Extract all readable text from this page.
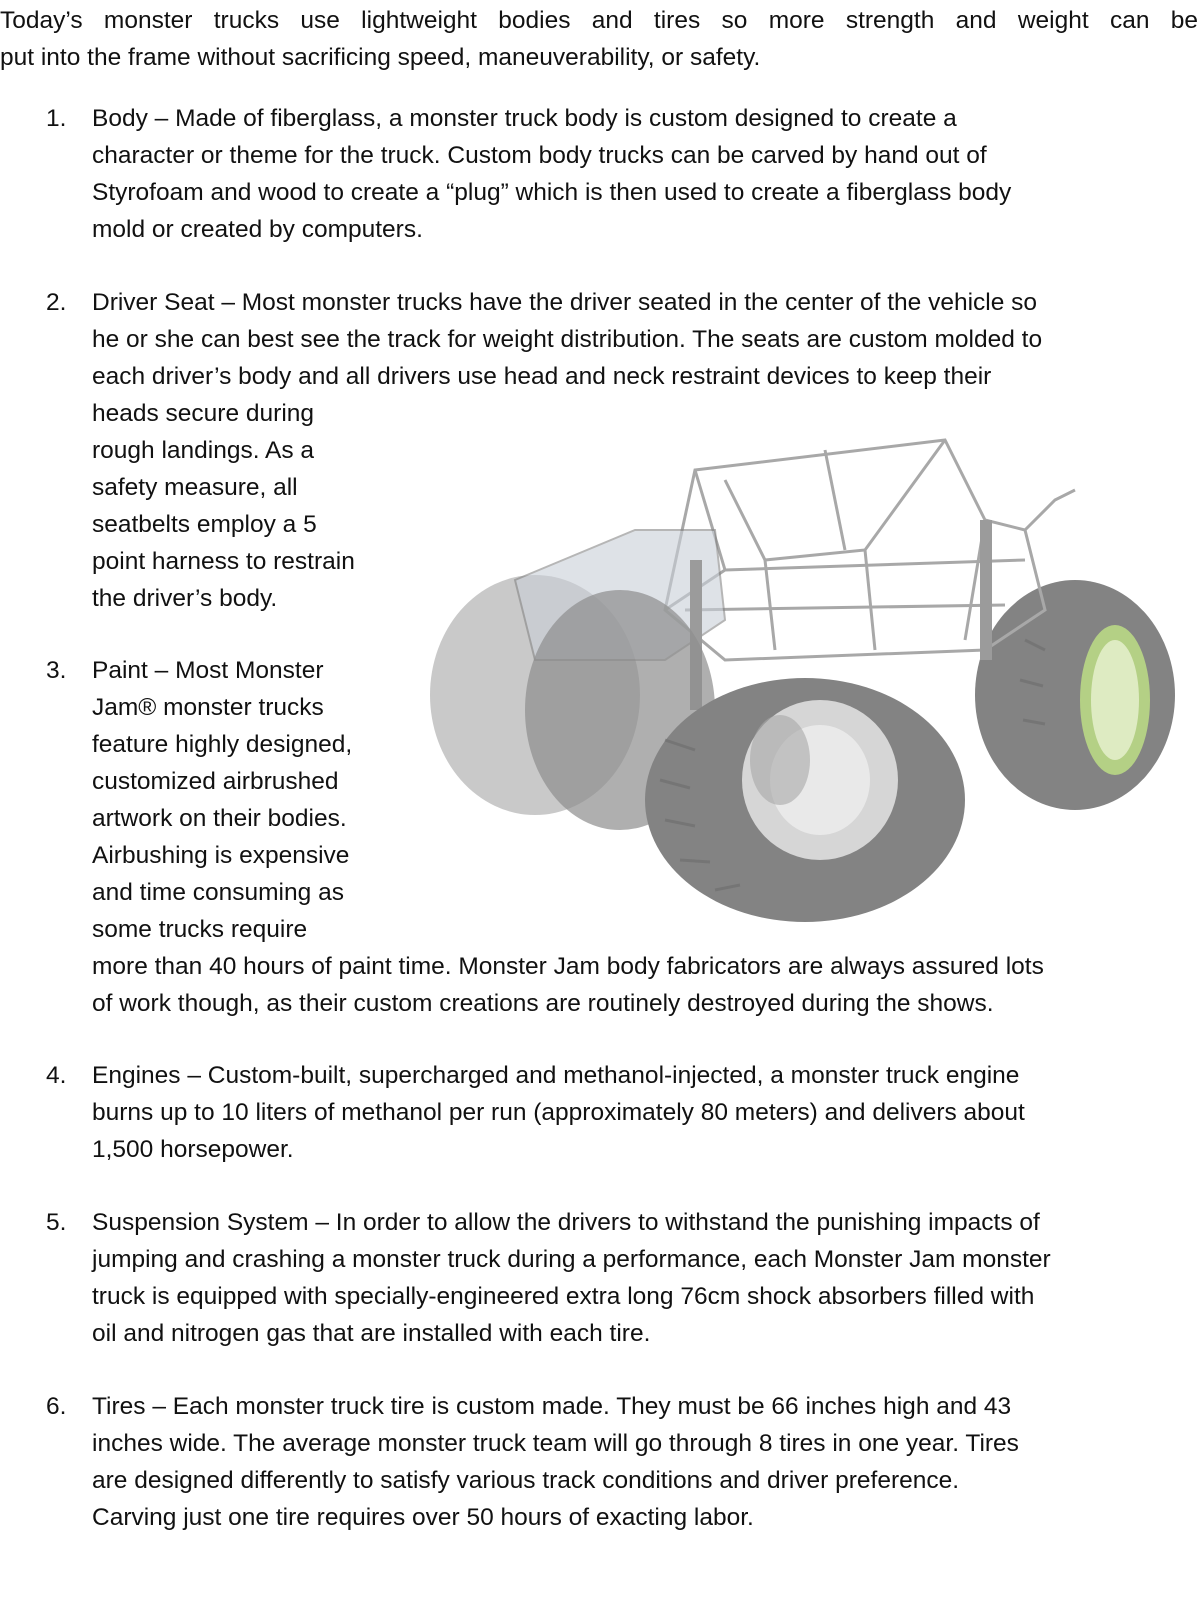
Today’s monster trucks use lightweight bodies and tires so more strength and weight can be
put into the frame without sacrificing speed, maneuverability, or safety.
1. Body – Made of fiberglass, a monster truck body is custom designed to create a
character or theme for the truck. Custom body trucks can be carved by hand out of
Styrofoam and wood to create a “plug” which is then used to create a fiberglass body
mold or created by computers.
2. Driver Seat – Most monster trucks have the driver seated in the center of the vehicle so
he or she can best see the track for weight distribution. The seats are custom molded to
each driver’s body and all drivers use head and neck restraint devices to keep their
heads secure during
rough landings. As a
safety measure, all
seatbelts employ a 5
point harness to restrain
the driver’s body.
3. Paint – Most Monster
Jam® monster trucks
feature highly designed,
customized airbrushed
artwork on their bodies.
Airbushing is expensive
and time consuming as
some trucks require
more than 40 hours of paint time. Monster Jam body fabricators are always assured lots
of work though, as their custom creations are routinely destroyed during the shows.
4. Engines – Custom-built, supercharged and methanol-injected, a monster truck engine
burns up to 10 liters of methanol per run (approximately 80 meters) and delivers about
1,500 horsepower.
5. Suspension System – In order to allow the drivers to withstand the punishing impacts of
jumping and crashing a monster truck during a performance, each Monster Jam monster
truck is equipped with specially-engineered extra long 76cm shock absorbers filled with
oil and nitrogen gas that are installed with each tire.
6. Tires – Each monster truck tire is custom made. They must be 66 inches high and 43
inches wide. The average monster truck team will go through 8 tires in one year. Tires
are designed differently to satisfy various track conditions and driver preference.
Carving just one tire requires over 50 hours of exacting labor.
